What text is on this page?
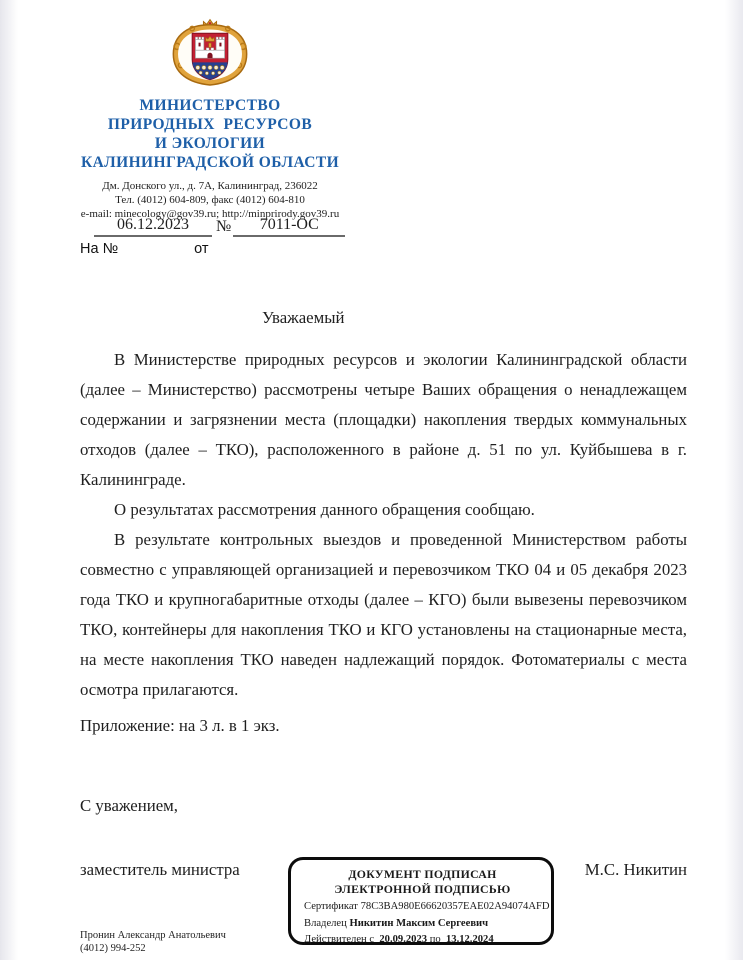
МИНИСТЕРСТВО
ПРИРОДНЫХ  РЕСУРСОВ
И ЭКОЛОГИИ
КАЛИНИНГРАДСКОЙ ОБЛАСТИ
Дм. Донского ул., д. 7А, Калининград, 236022
Тел. (4012) 604-809, факс (4012) 604-810
e-mail: minecology@gov39.ru; http://minprirody.gov39.ru
06.12.2023	№	7011-ОС
На №	от
Уважаемый

В Министерстве природных ресурсов и экологии Калининградской области (далее – Министерство) рассмотрены четыре Ваших обращения о ненадлежащем содержании и загрязнении места (площадки) накопления твердых коммунальных отходов (далее – ТКО), расположенного в районе д. 51 по ул. Куйбышева в г. Калининграде.

О результатах рассмотрения данного обращения сообщаю.

В результате контрольных выездов и проведенной Министерством работы совместно с управляющей организацией и перевозчиком ТКО 04 и 05 декабря 2023 года ТКО и крупногабаритные отходы (далее – КГО) были вывезены перевозчиком ТКО, контейнеры для накопления ТКО и КГО установлены на стационарные места, на месте накопления ТКО наведен надлежащий порядок. Фотоматериалы с места осмотра прилагаются.

Приложение: на 3 л. в 1 экз.
С уважением,
заместитель министра	М.С. Никитин
ДОКУМЕНТ ПОДПИСАН
ЭЛЕКТРОННОЙ ПОДПИСЬЮ
Сертификат 78C3BA980E66620357EAE02A94074AFD
Владелец Никитин Максим Сергеевич
Действителен с 20.09.2023 по 13.12.2024
Пронин Александр Анатольевич
(4012) 994-252
